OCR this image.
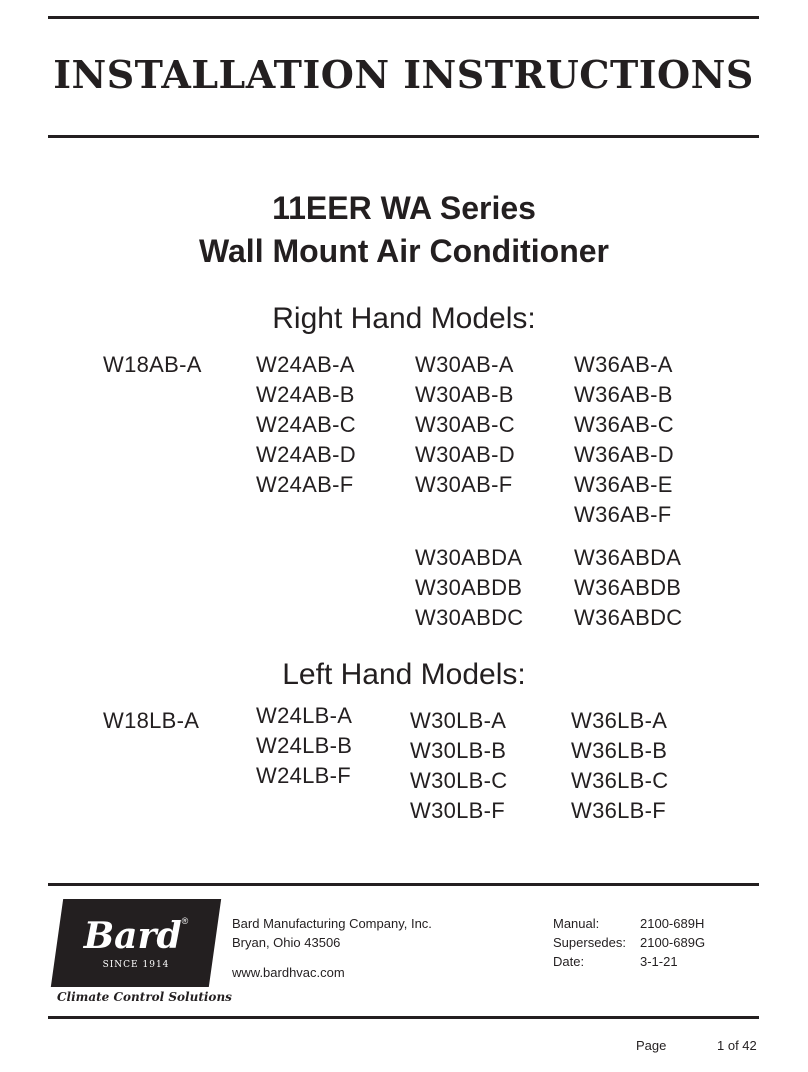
INSTALLATION INSTRUCTIONS
11EER WA Series
Wall Mount Air Conditioner
Right Hand Models:
W18AB-A W24AB-A
W24AB-B
W24AB-C
W24AB-D
W24AB-F
W30AB-A
W30AB-B
W30AB-C
W30AB-D
W30AB-F
W36AB-A
W36AB-B
W36AB-C
W36AB-D
W36AB-E
W36AB-F
W30ABDA
W30ABDB
W30ABDC
W36ABDA
W36ABDB
W36ABDC
Left Hand Models:
W18LB-A	W24LB-A
W24LB-B
W24LB-F
W30LB-A
W30LB-B
W30LB-C
W30LB-F
W36LB-A
W36LB-B
W36LB-C
W36LB-F
Bard®
SINCE 1914
Climate Control Solutions
Bard Manufacturing Company, Inc.
Bryan, Ohio 43506
www.bardhvac.com
Manual:
Supersedes:
Date:
2100-689H
2100-689G
3-1-21
Page	1 of 42
